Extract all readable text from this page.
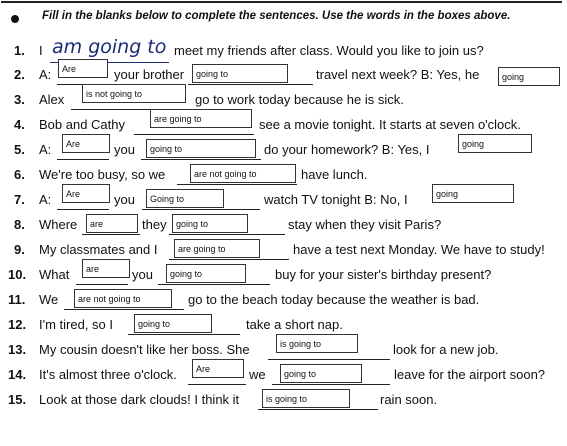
Fill in the blanks below to complete the sentences. Use the words in the boxes above.
1. I am going to meet my friends after class. Would you like to join us?
2. A:	Are	your brother	going to	travel next week? B: Yes, he	going
3. Alex	is not going to	go to work today because he is sick.
4. Bob and Cathy	are going to	see a movie tonight. It starts at seven o'clock.
5. A:	Are	you	going to	do your homework? B: Yes, I	going
6. We're too busy, so we	are not going to	have lunch.
7. A:	Are	you	Going to	watch TV tonight B: No, I	going
8. Where	are	they	going to	stay when they visit Paris?
9. My classmates and I	are going to	have a test next Monday. We have to study!
10. What	are	you	going to	buy for your sister's birthday present?
11. We	are not going to	go to the beach today because the weather is bad.
12. I'm tired, so I	going to	take a short nap.
13. My cousin doesn't like her boss. She	is going to	look for a new job.
14. It's almost three o'clock.	Are	we	going to	leave for the airport soon?
15. Look at those dark clouds! I think it	is going to	rain soon.
